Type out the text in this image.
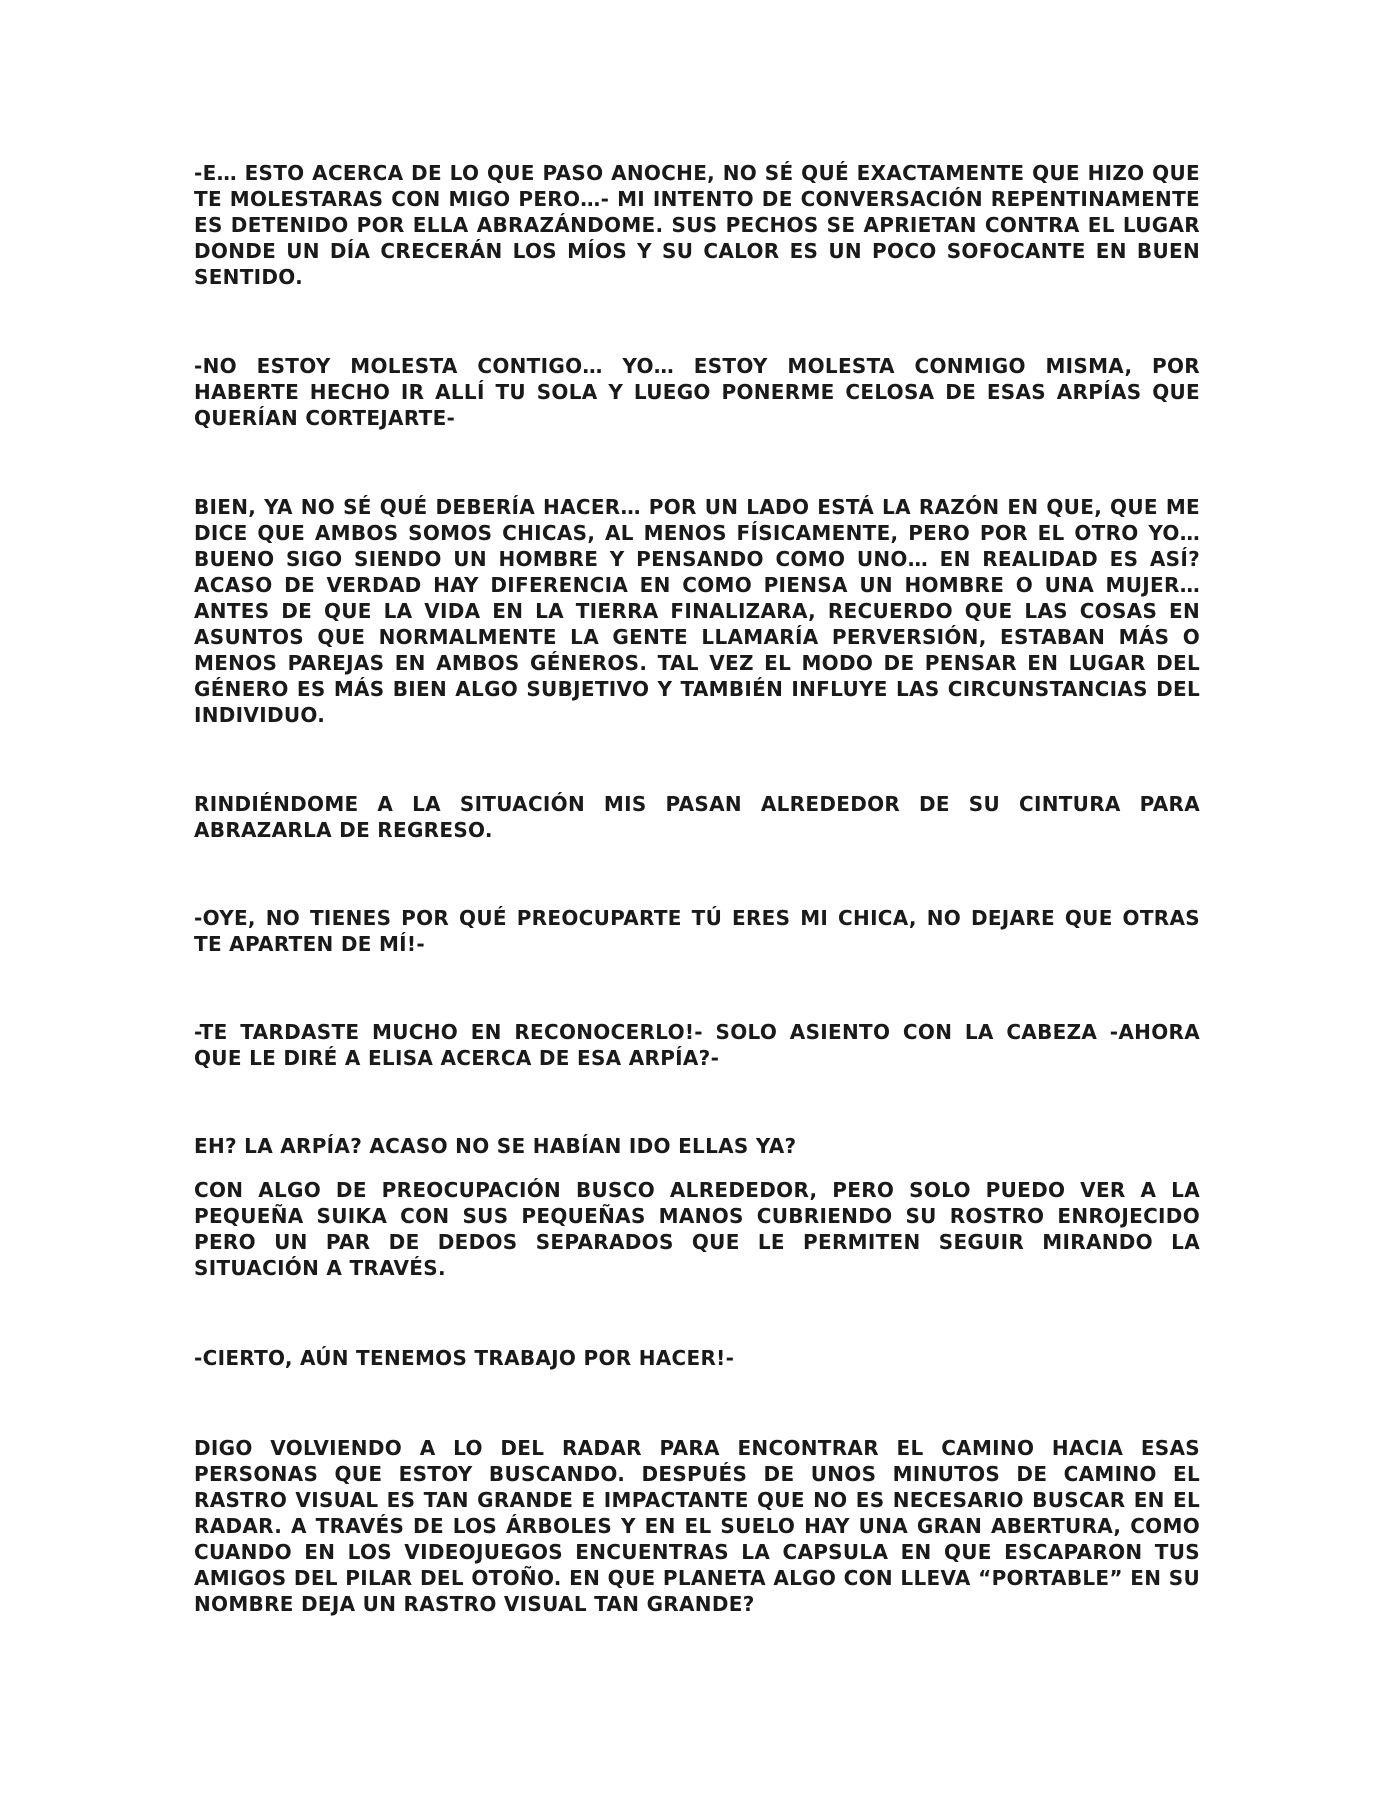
-E… ESTO ACERCA DE LO QUE PASO ANOCHE, NO SÉ QUÉ EXACTAMENTE QUE HIZO QUE TE MOLESTARAS CON MIGO PERO…- MI INTENTO DE CONVERSACIÓN REPENTINAMENTE ES DETENIDO POR ELLA ABRAZÁNDOME. SUS PECHOS SE APRIETAN CONTRA EL LUGAR DONDE UN DÍA CRECERÁN LOS MÍOS Y SU CALOR ES UN POCO SOFOCANTE EN BUEN SENTIDO.

-NO ESTOY MOLESTA CONTIGO… YO… ESTOY MOLESTA CONMIGO MISMA, POR HABERTE HECHO IR ALLÍ TU SOLA Y LUEGO PONERME CELOSA DE ESAS ARPÍAS QUE QUERÍAN CORTEJARTE-

BIEN, YA NO SÉ QUÉ DEBERÍA HACER… POR UN LADO ESTÁ LA RAZÓN EN QUE, QUE ME DICE QUE AMBOS SOMOS CHICAS, AL MENOS FÍSICAMENTE, PERO POR EL OTRO YO… BUENO SIGO SIENDO UN HOMBRE Y PENSANDO COMO UNO… EN REALIDAD ES ASÍ? ACASO DE VERDAD HAY DIFERENCIA EN COMO PIENSA UN HOMBRE O UNA MUJER… ANTES DE QUE LA VIDA EN LA TIERRA FINALIZARA, RECUERDO QUE LAS COSAS EN ASUNTOS QUE NORMALMENTE LA GENTE LLAMARÍA PERVERSIÓN, ESTABAN MÁS O MENOS PAREJAS EN AMBOS GÉNEROS. TAL VEZ EL MODO DE PENSAR EN LUGAR DEL GÉNERO ES MÁS BIEN ALGO SUBJETIVO Y TAMBIÉN INFLUYE LAS CIRCUNSTANCIAS DEL INDIVIDUO.

RINDIÉNDOME A LA SITUACIÓN MIS PASAN ALREDEDOR DE SU CINTURA PARA ABRAZARLA DE REGRESO.

-OYE, NO TIENES POR QUÉ PREOCUPARTE TÚ ERES MI CHICA, NO DEJARE QUE OTRAS TE APARTEN DE MÍ!-

-TE TARDASTE MUCHO EN RECONOCERLO!- SOLO ASIENTO CON LA CABEZA -AHORA QUE LE DIRÉ A ELISA ACERCA DE ESA ARPÍA?-

EH? LA ARPÍA? ACASO NO SE HABÍAN IDO ELLAS YA?

CON ALGO DE PREOCUPACIÓN BUSCO ALREDEDOR, PERO SOLO PUEDO VER A LA PEQUEÑA SUIKA CON SUS PEQUEÑAS MANOS CUBRIENDO SU ROSTRO ENROJECIDO PERO UN PAR DE DEDOS SEPARADOS QUE LE PERMITEN SEGUIR MIRANDO LA SITUACIÓN A TRAVÉS.

-CIERTO, AÚN TENEMOS TRABAJO POR HACER!-

DIGO VOLVIENDO A LO DEL RADAR PARA ENCONTRAR EL CAMINO HACIA ESAS PERSONAS QUE ESTOY BUSCANDO. DESPUÉS DE UNOS MINUTOS DE CAMINO EL RASTRO VISUAL ES TAN GRANDE E IMPACTANTE QUE NO ES NECESARIO BUSCAR EN EL RADAR. A TRAVÉS DE LOS ÁRBOLES Y EN EL SUELO HAY UNA GRAN ABERTURA, COMO CUANDO EN LOS VIDEOJUEGOS ENCUENTRAS LA CAPSULA EN QUE ESCAPARON TUS AMIGOS DEL PILAR DEL OTOÑO. EN QUE PLANETA ALGO CON LLEVA “PORTABLE” EN SU NOMBRE DEJA UN RASTRO VISUAL TAN GRANDE?
